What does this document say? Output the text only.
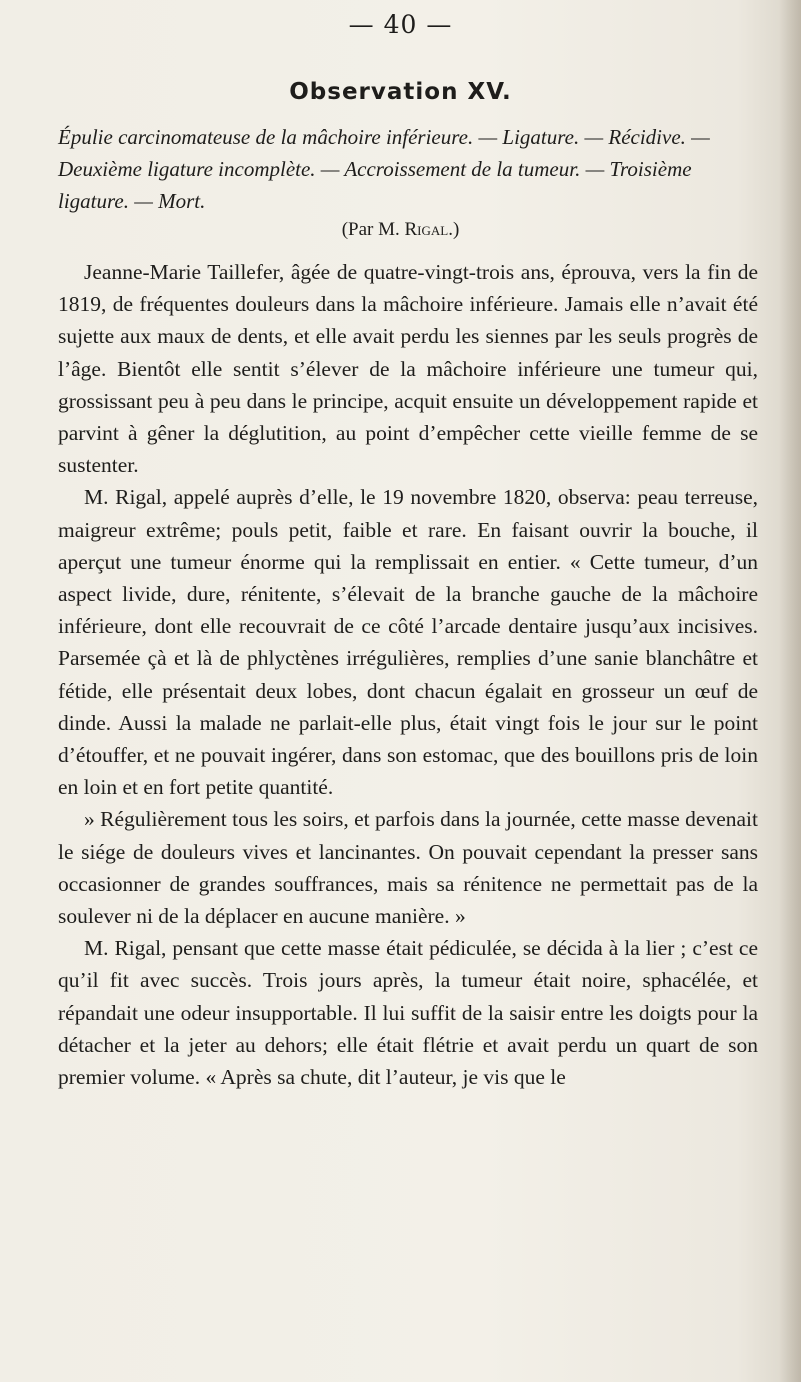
— 40 —
Observation XV.
Épulie carcinomateuse de la mâchoire inférieure. — Ligature. — Récidive. — Deuxième ligature incomplète. — Accroissement de la tumeur. — Troisième ligature. — Mort.
(Par M. Rigal.)

Jeanne-Marie Taillefer, âgée de quatre-vingt-trois ans, éprouva, vers la fin de 1819, de fréquentes douleurs dans la mâchoire inférieure. Jamais elle n’avait été sujette aux maux de dents, et elle avait perdu les siennes par les seuls progrès de l’âge. Bientôt elle sentit s’élever de la mâchoire inférieure une tumeur qui, grossissant peu à peu dans le principe, acquit ensuite un développement rapide et parvint à gêner la déglutition, au point d’empêcher cette vieille femme de se sustenter.

M. Rigal, appelé auprès d’elle, le 19 novembre 1820, observa: peau terreuse, maigreur extrême; pouls petit, faible et rare. En faisant ouvrir la bouche, il aperçut une tumeur énorme qui la remplissait en entier. « Cette tumeur, d’un aspect livide, dure, rénitente, s’élevait de la branche gauche de la mâchoire inférieure, dont elle recouvrait de ce côté l’arcade dentaire jusqu’aux incisives. Parsemée çà et là de phlyctènes irrégulières, remplies d’une sanie blanchâtre et fétide, elle présentait deux lobes, dont chacun égalait en grosseur un œuf de dinde. Aussi la malade ne parlait-elle plus, était vingt fois le jour sur le point d’étouffer, et ne pouvait ingérer, dans son estomac, que des bouillons pris de loin en loin et en fort petite quantité.

» Régulièrement tous les soirs, et parfois dans la journée, cette masse devenait le siége de douleurs vives et lancinantes. On pouvait cependant la presser sans occasionner de grandes souffrances, mais sa rénitence ne permettait pas de la soulever ni de la déplacer en aucune manière. »

M. Rigal, pensant que cette masse était pédiculée, se décida à la lier ; c’est ce qu’il fit avec succès. Trois jours après, la tumeur était noire, sphacélée, et répandait une odeur insupportable. Il lui suffit de la saisir entre les doigts pour la détacher et la jeter au dehors; elle était flétrie et avait perdu un quart de son premier volume. « Après sa chute, dit l’auteur, je vis que le
